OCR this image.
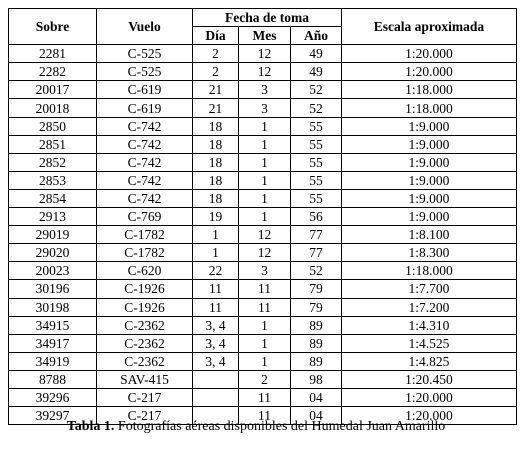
Sobre	Vuelo	Fecha de toma			Escala aproximada
		Día	Mes	Año	
2281	C-525	2	12	49	1:20.000
2282	C-525	2	12	49	1:20.000
20017	C-619	21	3	52	1:18.000
20018	C-619	21	3	52	1:18.000
2850	C-742	18	1	55	1:9.000
2851	C-742	18	1	55	1:9.000
2852	C-742	18	1	55	1:9.000
2853	C-742	18	1	55	1:9.000
2854	C-742	18	1	55	1:9.000
2913	C-769	19	1	56	1:9.000
29019	C-1782	1	12	77	1:8.100
29020	C-1782	1	12	77	1:8.300
20023	C-620	22	3	52	1:18.000
30196	C-1926	11	11	79	1:7.700
30198	C-1926	11	11	79	1:7.200
34915	C-2362	3, 4	1	89	1:4.310
34917	C-2362	3, 4	1	89	1:4.525
34919	C-2362	3, 4	1	89	1:4.825
8788	SAV-415		2	98	1:20.450
39296	C-217		11	04	1:20.000
39297	C-217		11	04	1:20.000
Tabla 1. Fotografías aéreas disponibles del Humedal Juan Amarillo
